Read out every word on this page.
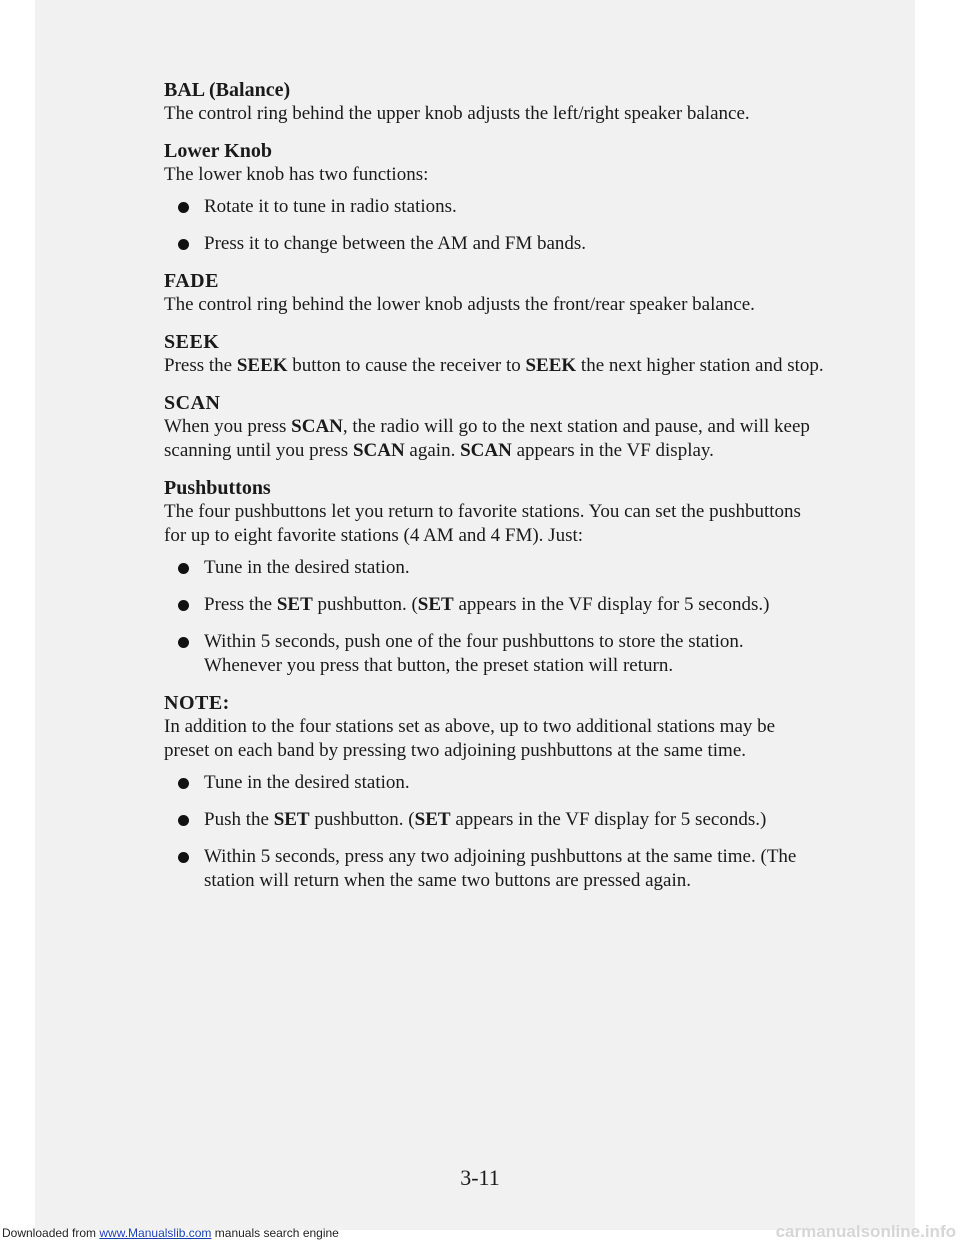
BAL (Balance)

The control ring behind the upper knob adjusts the left/right speaker balance.

Lower Knob

The lower knob has two functions:

Rotate it to tune in radio stations.
Press it to change between the AM and FM bands.

FADE

The control ring behind the lower knob adjusts the front/rear speaker balance.

SEEK

Press the SEEK button to cause the receiver to SEEK the next higher station and stop.

SCAN

When you press SCAN, the radio will go to the next station and pause, and will keep scanning until you press SCAN again. SCAN appears in the VF display.

Pushbuttons

The four pushbuttons let you return to favorite stations. You can set the pushbuttons for up to eight favorite stations (4 AM and 4 FM). Just:

Tune in the desired station.
Press the SET pushbutton. (SET appears in the VF display for 5 seconds.)
Within 5 seconds, push one of the four pushbuttons to store the station. Whenever you press that button, the preset station will return.

NOTE:

In addition to the four stations set as above, up to two additional stations may be preset on each band by pressing two adjoining pushbuttons at the same time.

Tune in the desired station.
Push the SET pushbutton. (SET appears in the VF display for 5 seconds.)
Within 5 seconds, press any two adjoining pushbuttons at the same time. (The station will return when the same two buttons are pressed again.
3-11
Downloaded from www.Manualslib.com manuals search engine	carmanualsonline.info
